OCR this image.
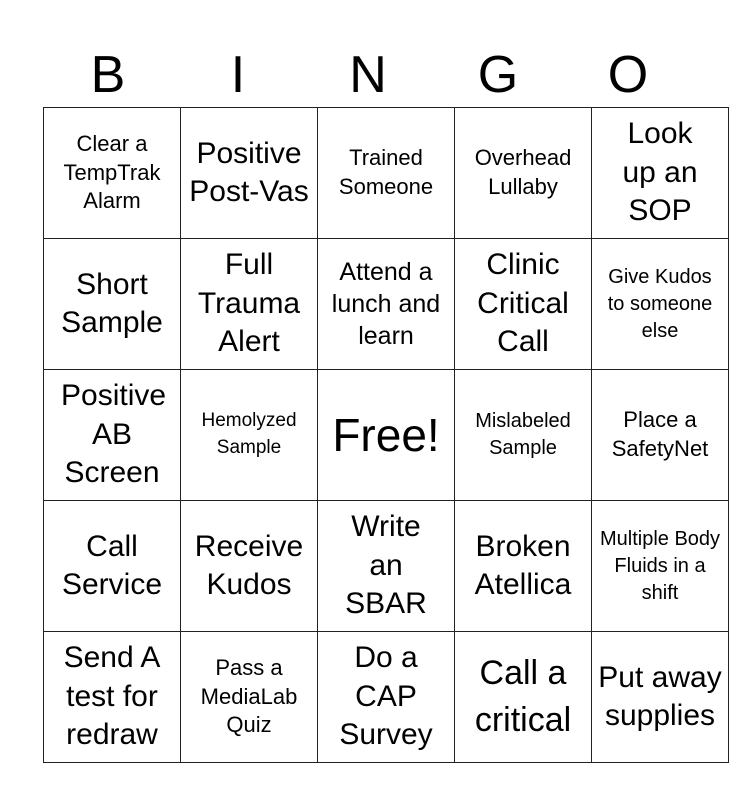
B	I	N	G	O
Clear a TempTrak Alarm	Positive Post-Vas	Trained Someone	Overhead Lullaby	Look up an SOP

Short Sample	Full Trauma Alert	Attend a lunch and learn	Clinic Critical Call	Give Kudos to someone else

Positive AB Screen	Hemolyzed Sample	Free!	Mislabeled Sample	Place a SafetyNet

Call Service	Receive Kudos	Write an SBAR	Broken Atellica	Multiple Body Fluids in a shift

Send A test for redraw	Pass a MediaLab Quiz	Do a CAP Survey	Call a critical	Put away supplies
